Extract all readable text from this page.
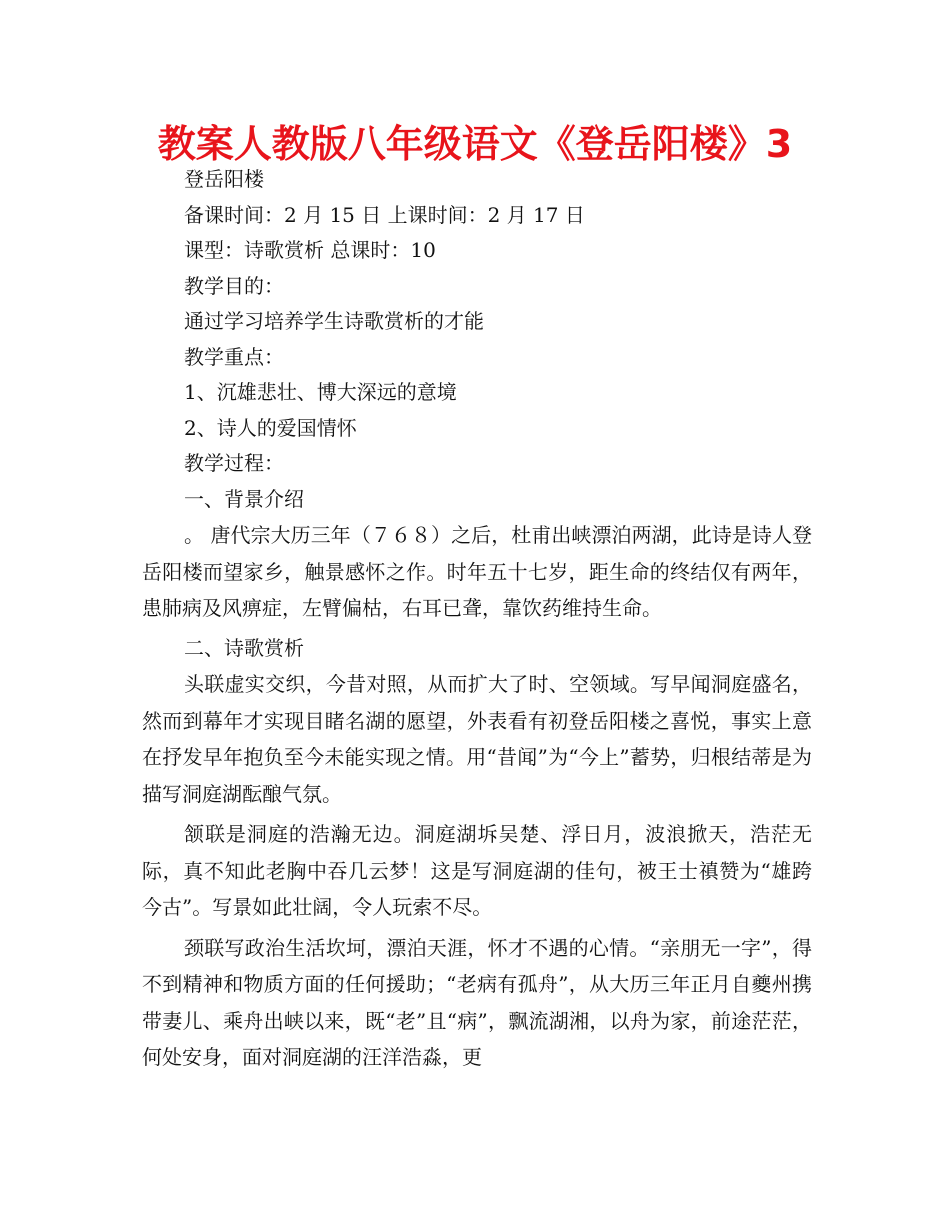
教案人教版八年级语文《登岳阳楼》3
登岳阳楼
备课时间：2 月 15 日 上课时间：2 月 17 日
课型：诗歌赏析 总课时：10
教学目的：
通过学习培养学生诗歌赏析的才能
教学重点：
1、沉雄悲壮、博大深远的意境
2、诗人的爱国情怀
教学过程：
一、背景介绍

。 唐代宗大历三年（７６８）之后，杜甫出峡漂泊两湖，此诗是诗人登岳阳楼而望家乡，触景感怀之作。时年五十七岁，距生命的终结仅有两年，患肺病及风痹症，左臂偏枯，右耳已聋，靠饮药维持生命。

二、诗歌赏析

头联虚实交织，今昔对照，从而扩大了时、空领域。写早闻洞庭盛名，然而到幕年才实现目睹名湖的愿望，外表看有初登岳阳楼之喜悦，事实上意在抒发早年抱负至今未能实现之情。用“昔闻”为“今上”蓄势，归根结蒂是为描写洞庭湖酝酿气氛。

颔联是洞庭的浩瀚无边。洞庭湖坼吴楚、浮日月，波浪掀天，浩茫无际，真不知此老胸中吞几云梦！这是写洞庭湖的佳句，被王士禛赞为“雄跨今古”。写景如此壮阔，令人玩索不尽。

颈联写政治生活坎坷，漂泊天涯，怀才不遇的心情。“亲朋无一字”，得不到精神和物质方面的任何援助；“老病有孤舟”，从大历三年正月自夔州携带妻儿、乘舟出峡以来，既“老”且“病”，飘流湖湘，以舟为家，前途茫茫，何处安身，面对洞庭湖的汪洋浩淼，更
